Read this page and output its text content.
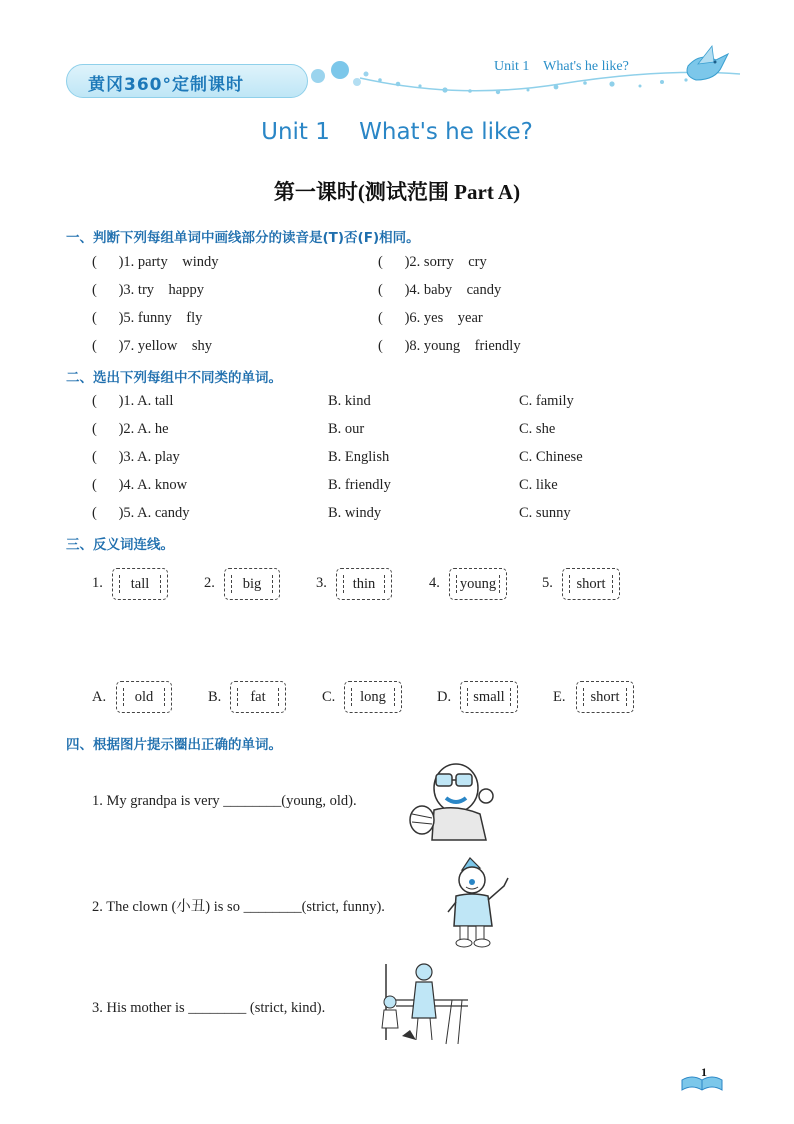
黄冈360°定制课时
Unit 1    What's he like?
Unit 1    What's he like?
第一课时(测试范围 Part A)
一、判断下列每组单词中画线部分的读音是(T)否(F)相同。
(      )1. party windy	(      )2. sorry cry
(      )3. try happy	(      )4. baby candy
(      )5. funny fly	(      )6. yes year
(      )7. yellow shy	(      )8. young friendly
二、选出下列每组中不同类的单词。
(      )1. A. tall	B. kind	C. family
(      )2. A. he	B. our	C. she
(      )3. A. play	B. English	C. Chinese
(      )4. A. know	B. friendly	C. like
(      )5. A. candy	B. windy	C. sunny
三、反义词连线。
1.	tall	2.	big	3.	thin	4.	young	5.	short
A.	old	B.	fat	C.	long	D.	small	E.	short
四、根据图片提示圈出正确的单词。
1. My grandpa is very ________(young, old).
2. The clown (小丑) is so ________(strict, funny).
3. His mother is ________ (strict, kind).
1
